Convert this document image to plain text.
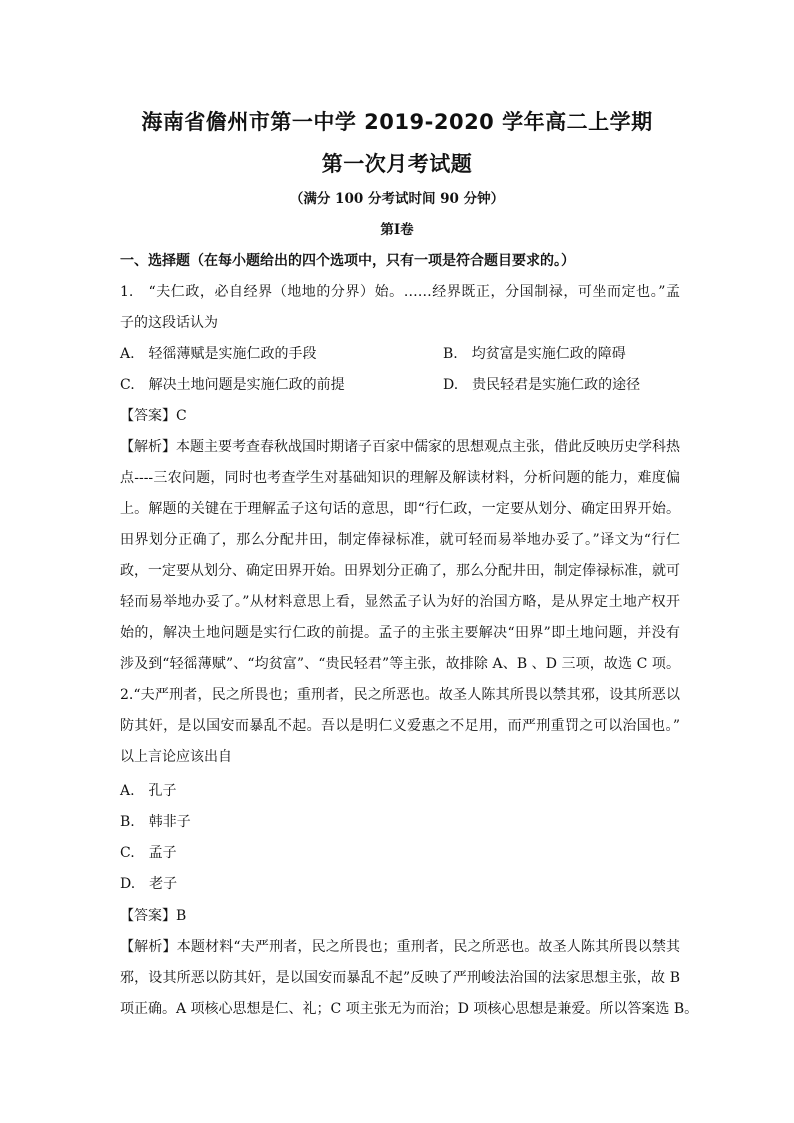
海南省儋州市第一中学 2019-2020 学年高二上学期
第一次月考试题
（满分 100 分考试时间 90 分钟）
第Ⅰ卷
一、选择题（在每小题给出的四个选项中，只有一项是符合题目要求的。）
1.　“夫仁政，必自经界（地地的分界）始。……经界既正，分国制禄，可坐而定也。”孟
子的这段话认为
A.　轻徭薄赋是实施仁政的手段	B.　均贫富是实施仁政的障碍
C.　解决土地问题是实施仁政的前提	D.　贵民轻君是实施仁政的途径
【答案】C
【解析】本题主要考查春秋战国时期诸子百家中儒家的思想观点主张，借此反映历史学科热
点----三农问题，同时也考查学生对基础知识的理解及解读材料，分析问题的能力，难度偏
上。解题的关键在于理解孟子这句话的意思，即“行仁政，一定要从划分、确定田界开始。
田界划分正确了，那么分配井田，制定俸禄标准，就可轻而易举地办妥了。”译文为“行仁
政，一定要从划分、确定田界开始。田界划分正确了，那么分配井田，制定俸禄标准，就可
轻而易举地办妥了。”从材料意思上看，显然孟子认为好的治国方略，是从界定土地产权开
始的，解决土地问题是实行仁政的前提。孟子的主张主要解决“田界”即土地问题，并没有
涉及到“轻徭薄赋”、“均贫富”、“贵民轻君”等主张，故排除 A、B 、D 三项，故选 C 项。
2.“夫严刑者，民之所畏也；重刑者，民之所恶也。故圣人陈其所畏以禁其邪，设其所恶以
防其奸，是以国安而暴乱不起。吾以是明仁义爱惠之不足用，而严刑重罚之可以治国也。”
以上言论应该出自
A.　孔子
B.　韩非子
C.　孟子
D.　老子
【答案】B
【解析】本题材料“夫严刑者，民之所畏也；重刑者，民之所恶也。故圣人陈其所畏以禁其
邪，设其所恶以防其奸，是以国安而暴乱不起”反映了严刑峻法治国的法家思想主张，故 B
项正确。A 项核心思想是仁、礼；C 项主张无为而治；D 项核心思想是兼爱。所以答案选 B。
